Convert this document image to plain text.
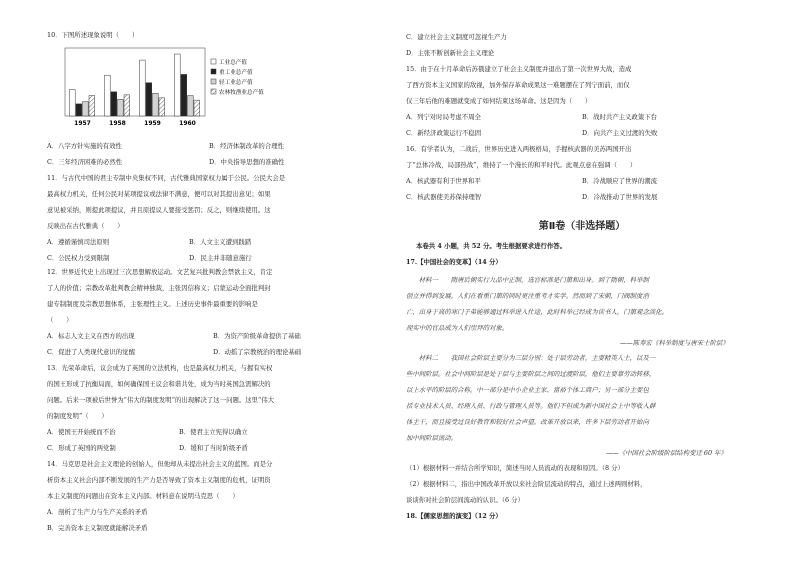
10．下图所述现象说明（　　）
1957	1958	1959	1960
工业总产值
重工业总产值
轻工业总产值
农林牧渔业总产值
A．八字方针实施的有效性	B．经济体制改革的合理性
C．三年经济困难的必然性	D．中央指导思想的准确性
11．与古代中国的君主专制中央集权不同，古代雅典国家权力属于公民。公民大会是
最高权力机关，任何公民对某项提议或法律不满意，便可以对其提出意见；如果
意见被采纳，则提此项提议，并且原提议人要接受惩罚；反之，则继续使用。这
反映出在古代雅典（　　）
A．遵循谨慎司法原则	B．人文主义遭到践踏
C．公民权力受到限制	D．民主并非随意施行
12．世界近代史上出现过三次思想解放运动。文艺复兴批判教会禁欲主义，肯定
了人的价值；宗教改革批判教会精神独裁，主张因信称义；启蒙运动全面批判封
建专制制度及宗教思想体系，主张理性主义。上述历史事件最重要的影响是
（　　）
A．标志人文主义在西方的出现	B．为资产阶级革命提供了基础
C．促进了人类现代意识的觉醒	D．动摇了宗教统治的理论基础
13．光荣革命后，议会成为了英国的立法机构，也是最高权力机关，与握有实权
的国王形成了抗衡局面，如何确保国王议会和谐共处，成为当时英国急需解决的
问题。后来一项被后世誉为“伟大的制度发明”的出现解决了这一问题。这里“伟大
的制度发明”（　　）
A．使国王开始统而不治	B．使君主立宪得以确立
C．形成了英国的两党制	D．缓和了当时阶级矛盾
14．马克思是社会主义理论的创始人，但他却从未提出社会主义的蓝图。而是分
析资本主义社会内部不断发展的生产力是否导致了资本主义制度的危机，证明资
本主义制度的问题出在资本主义内部。材料意在说明马克思（　　）
A．剖析了生产力与生产关系的矛盾
B．完善资本主义制度就能解决矛盾
C．建立社会主义制度可忽视生产力
D．主张不断创新社会主义理论
15．由于在十月革命后苏俄建立了社会主义制度并退出了第一次世界大战，造成
了西方资本主义国家的敌视，加外保存革命成果这一难题摆在了列宁面前，而仅
仅三年后他的难题就变成了如何结束这场革命。这是因为（　　）
A．列宁对时局考虑不周全	B．战时共产主义政策下台
C．新经济政策运行不稳固	D．向共产主义过渡的失败
16．有学者认为，二战后，世界历史进入两极格局，手握核武器的美苏两国开出
了“总体冷战，局部热战”，维持了一个漫长的和平时代。此观点意在强调（　　）
A．核武器有利于世界和平	B．冷战顺应了世界的潮流
C．核武器使美苏保持理智	D．冷战推动了世界的发展
第Ⅱ卷（非选择题）
本卷共 4 小题，共 52 分。考生根据要求进行作答。
17.【中国社会的变革】（14 分）
　　材料一　　隋唐后朝实行九品中正制，选官标准是门第和出身。到了隋朝，科举制
创立并得到发展。人们在看重门第的同时更注重考才实学。然而到了宋朝，门阀制度消
亡，出身于高的寒门子弟能够通过科举进入仕途，此时科举已经成为读书人，门第观念淡化。
现实中的官品成为人们崇拜的对象。
——陈寿宏《科举制度与唐宋士阶层》
　　材料二　　我国社会阶层主要分为三层分别：处于层劳动者，主要精英人士，以及一
些中间阶层。社会中间阶层是处于层与主要阶层之间的过渡阶层，他们主要靠劳动转移，
以上水平的阶层的合称。中一部分是中小企业主家、富裕个体工商户；另一部分主要包
括专业技术人员、经理人员、行政与管理人员等。他们不但成为新中国社会上中等收入群
体主干，而且接受过良好教育和较好社会声望。改革开放以来，许多下层劳动者开始向
加中间阶层流动。
——《中国社会阶级阶层结构变迁 60 年》
（1）根据材料一并结合所学知识，简述当时人员流动的表现和原因。（8 分）
（2）根据材料二，指出中国改革开放以来社会阶层流动的特点，通过上述两则材料，
谈谈你对社会阶层间流动的认识。（6 分）
18.【儒家思想的演变】（12 分）
